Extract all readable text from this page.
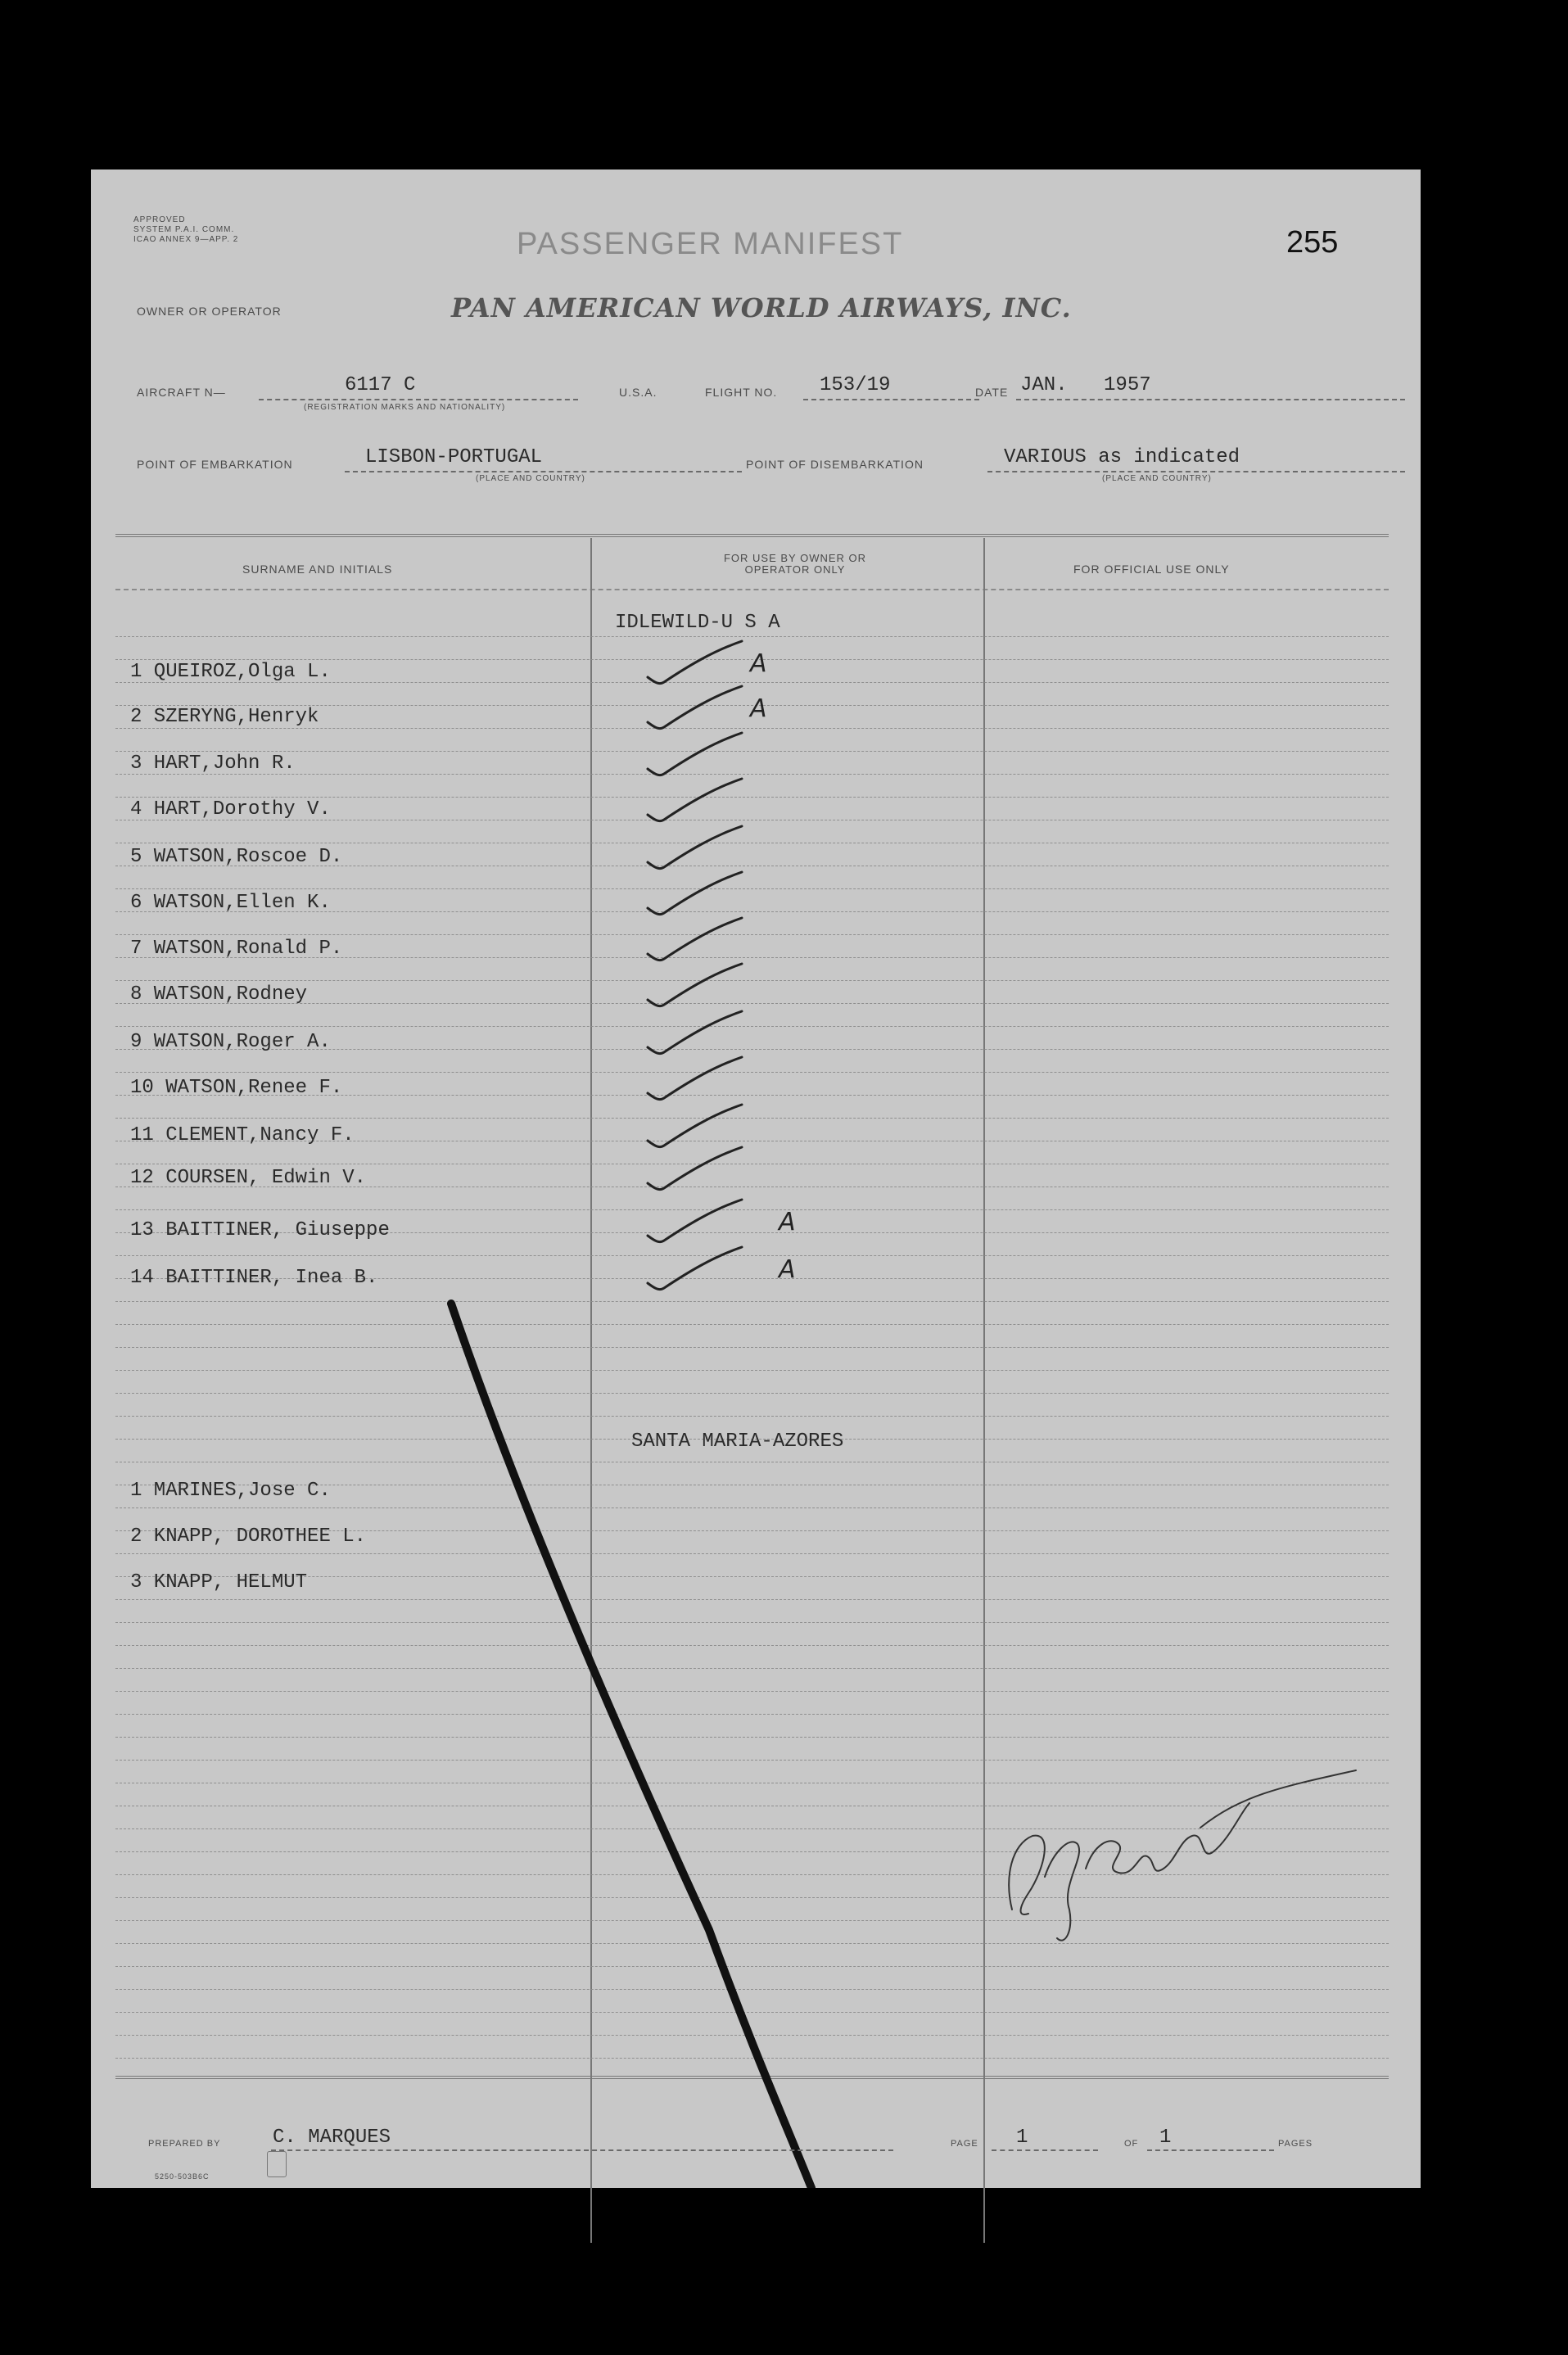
APPROVED
SYSTEM P.A.I. COMM.
ICAO ANNEX 9—APP. 2	PASSENGER MANIFEST	255
OWNER OR OPERATOR	PAN AMERICAN WORLD AIRWAYS, INC.
AIRCRAFT N—	6117 C
(REGISTRATION MARKS AND NATIONALITY)
U.S.A.	FLIGHT NO. 153/19	DATE JAN. 1957
POINT OF EMBARKATION	LISBON-PORTUGAL
(PLACE AND COUNTRY)
POINT OF DISEMBARKATION	VARIOUS as indicated
(PLACE AND COUNTRY)
SURNAME AND INITIALS
FOR USE BY OWNER OR OPERATOR ONLY	FOR OFFICIAL USE ONLY
IDLEWILD-U S A
1 QUEIROZ,Olga L.	A
2 SZERYNG,Henryk	A
3 HART,John R.
4 HART,Dorothy V.
5 WATSON,Roscoe D.
6 WATSON,Ellen K.
7 WATSON,Ronald P.
8 WATSON,Rodney
9 WATSON,Roger A.
10 WATSON,Renee F.
11 CLEMENT,Nancy F.
12 COURSEN, Edwin V.
13 BAITTINER, Giuseppe	A
14 BAITTINER, Inea B.	A
SANTA MARIA-AZORES
1 MARINES,Jose C.
2 KNAPP, DOROTHEE L.
3 KNAPP, HELMUT
PREPARED BY	C. MARQUES	PAGE 1	OF 1	PAGES
5250-503B6C
